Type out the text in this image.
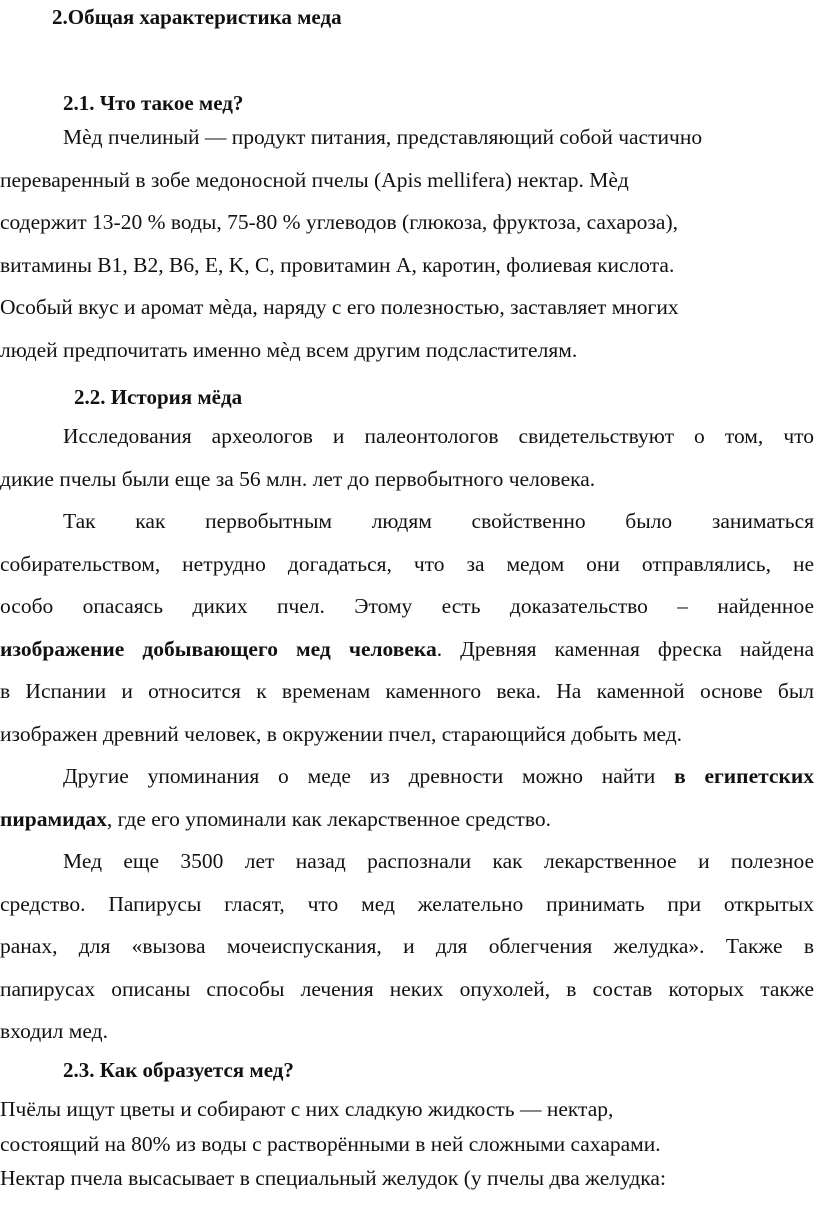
2.Общая характеристика меда
2.1. Что такое мед?
Мѐд пчелиный — продукт питания, представляющий собой частично
переваренный в зобе медоносной пчелы (Apis mellifera) нектар. Мѐд
содержит 13-20 % воды, 75-80 % углеводов (глюкоза, фруктоза, сахароза),
витамины B1, B2, B6, E, K, C, провитамин A, каротин, фолиевая кислота.
Особый вкус и аромат мѐда, наряду с его полезностью, заставляет многих
людей предпочитать именно мѐд всем другим подсластителям.
2.2. История мёда
Исследования археологов и палеонтологов свидетельствуют о том, что
дикие пчелы были еще за 56 млн. лет до первобытного человека.
Так как первобытным людям свойственно было заниматься
собирательством, нетрудно догадаться, что за медом они отправлялись, не
особо опасаясь диких пчел. Этому есть доказательство – найденное
изображение добывающего мед человека. Древняя каменная фреска найдена
в Испании и относится к временам каменного века. На каменной основе был
изображен древний человек, в окружении пчел, старающийся добыть мед.
Другие упоминания о меде из древности можно найти в египетских
пирамидах, где его упоминали как лекарственное средство.
Мед еще 3500 лет назад распознали как лекарственное и полезное
средство. Папирусы гласят, что мед желательно принимать при открытых
ранах, для «вызова мочеиспускания, и для облегчения желудка». Также в
папирусах описаны способы лечения неких опухолей, в состав которых также
входил мед.
2.3. Как образуется мед?
Пчёлы ищут цветы и собирают с них сладкую жидкость — нектар,
состоящий на 80% из воды с растворёнными в ней сложными сахарами.
Нектар пчела высасывает в специальный желудок (у пчелы два желудка:
